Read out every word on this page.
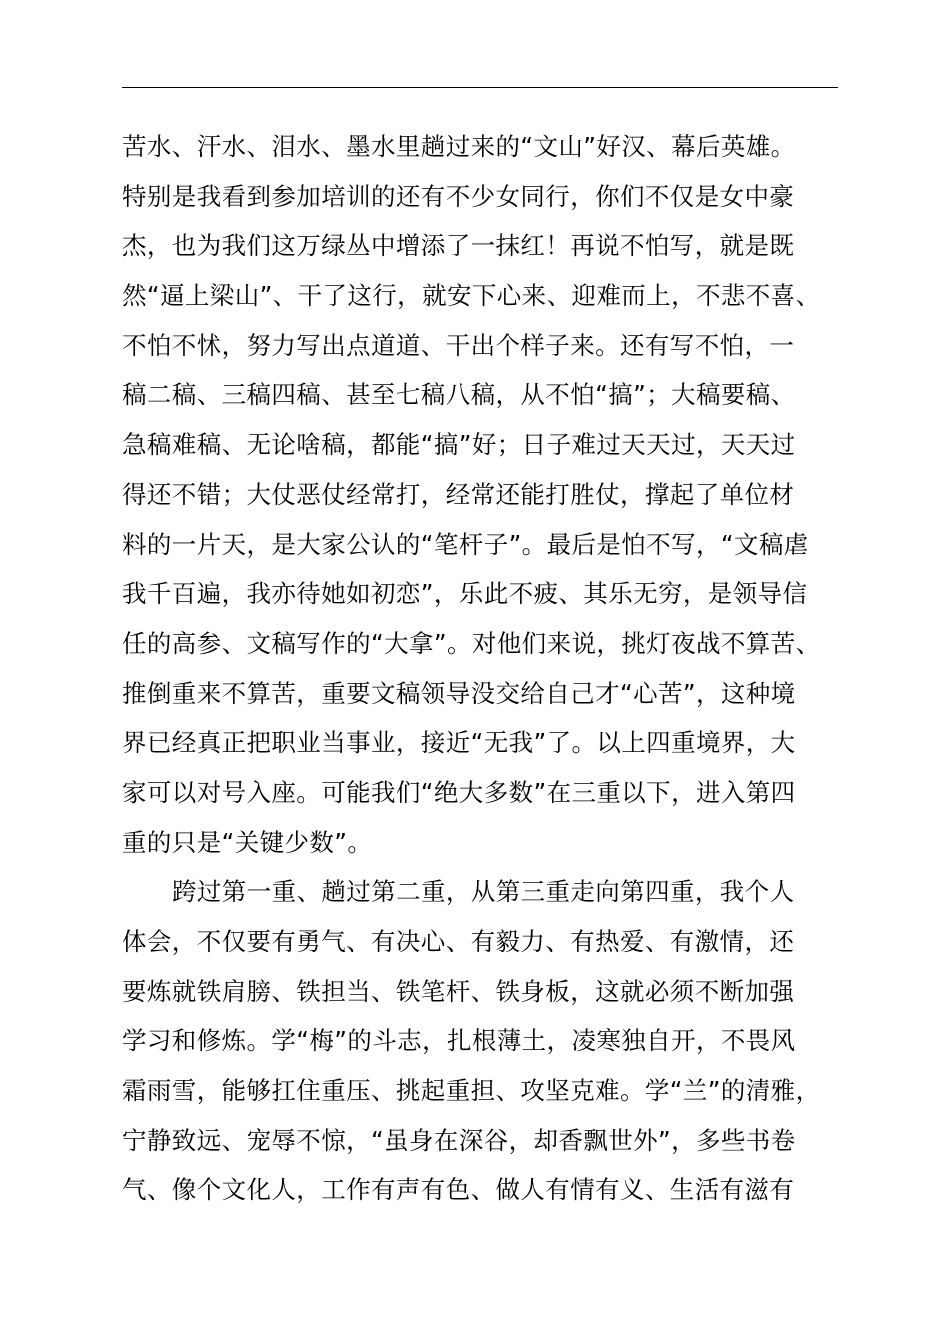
苦水、汗水、泪水、墨水里趟过来的“文山”好汉、幕后英雄。
特别是我看到参加培训的还有不少女同行，你们不仅是女中豪
杰，也为我们这万绿丛中增添了一抹红！再说不怕写，就是既
然“逼上梁山”、干了这行，就安下心来、迎难而上，不悲不喜、
不怕不怵，努力写出点道道、干出个样子来。还有写不怕，一
稿二稿、三稿四稿、甚至七稿八稿，从不怕“搞”；大稿要稿、
急稿难稿、无论啥稿，都能“搞”好；日子难过天天过，天天过
得还不错；大仗恶仗经常打，经常还能打胜仗，撑起了单位材
料的一片天，是大家公认的“笔杆子”。最后是怕不写，“文稿虐
我千百遍，我亦待她如初恋”，乐此不疲、其乐无穷，是领导信
任的高参、文稿写作的“大拿”。对他们来说，挑灯夜战不算苦、
推倒重来不算苦，重要文稿领导没交给自己才“心苦”，这种境
界已经真正把职业当事业，接近“无我”了。以上四重境界，大
家可以对号入座。可能我们“绝大多数”在三重以下，进入第四
重的只是“关键少数”。
跨过第一重、趟过第二重，从第三重走向第四重，我个人
体会，不仅要有勇气、有决心、有毅力、有热爱、有激情，还
要炼就铁肩膀、铁担当、铁笔杆、铁身板，这就必须不断加强
学习和修炼。学“梅”的斗志，扎根薄土，凌寒独自开，不畏风
霜雨雪，能够扛住重压、挑起重担、攻坚克难。学“兰”的清雅，
宁静致远、宠辱不惊，“虽身在深谷，却香飘世外”，多些书卷
气、像个文化人，工作有声有色、做人有情有义、生活有滋有
